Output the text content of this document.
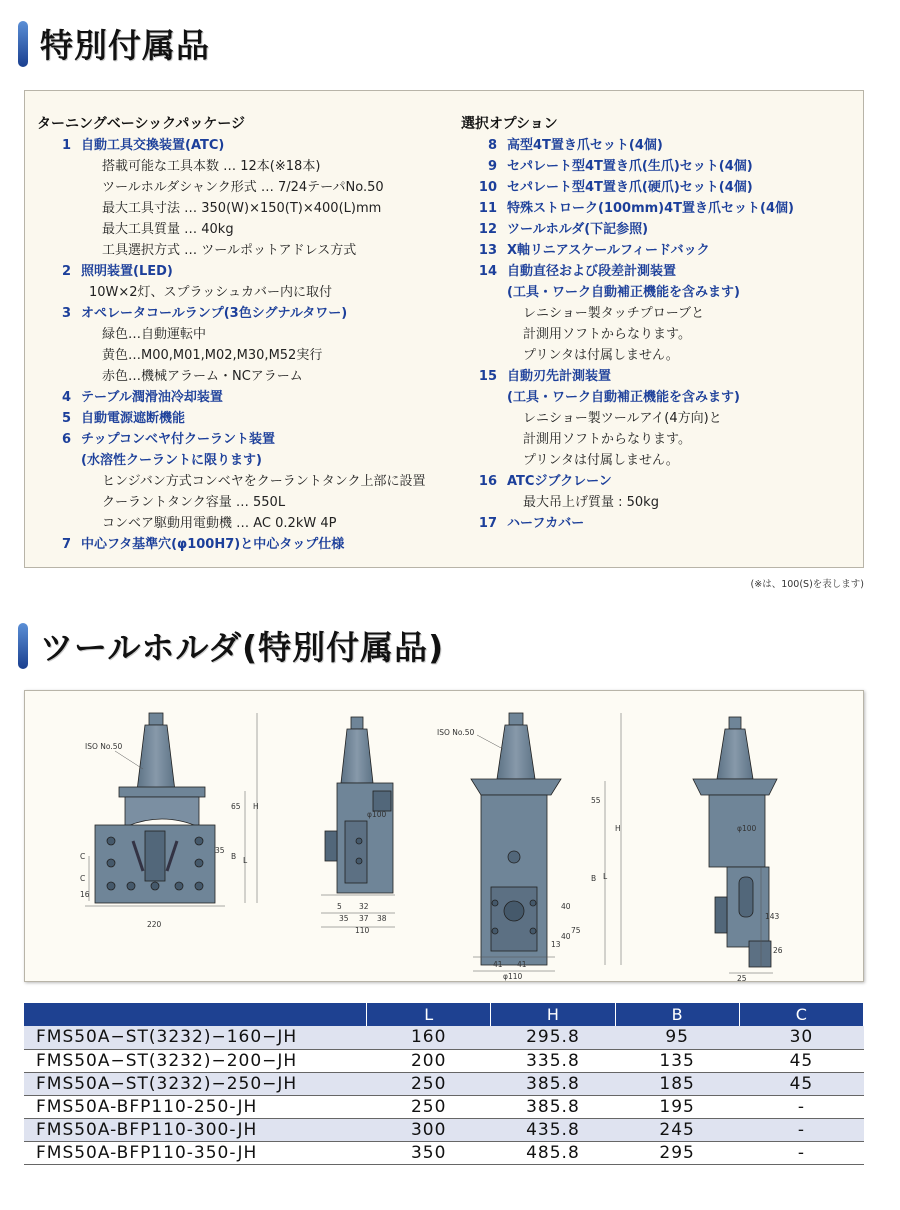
特別付属品
ターニングベーシックパッケージ
1 自動工具交換装置(ATC)
搭載可能な工具本数 … 12本(※18本)
ツールホルダシャンク形式 … 7/24テーパNo.50
最大工具寸法 … 350(W)×150(T)×400(L)mm
最大工具質量 … 40kg
工具選択方式 … ツールポットアドレス方式
2 照明装置(LED)
10W×2灯、スプラッシュカバー内に取付
3 オペレータコールランプ(3色シグナルタワー)
緑色…自動運転中
黄色…M00,M01,M02,M30,M52実行
赤色…機械アラーム・NCアラーム
4 テーブル潤滑油冷却装置
5 自動電源遮断機能
6 チップコンベヤ付クーラント装置
(水溶性クーラントに限ります)
ヒンジバン方式コンベヤをクーラントタンク上部に設置
クーラントタンク容量 … 550L
コンベア駆動用電動機 … AC 0.2kW 4P
7 中心フタ基準穴(φ100H7)と中心タップ仕様
選択オプション
8 高型4T置き爪セット(4個)
9 セパレート型4T置き爪(生爪)セット(4個)
10 セパレート型4T置き爪(硬爪)セット(4個)
11 特殊ストローク(100mm)4T置き爪セット(4個)
12 ツールホルダ(下記参照)
13 X軸リニアスケールフィードバック
14 自動直径および段差計測装置
(工具・ワーク自動補正機能を含みます)
レニショー製タッチプローブと
計測用ソフトからなります。
プリンタは付属しません。
15 自動刃先計測装置
(工具・ワーク自動補正機能を含みます)
レニショー製ツールアイ(4方向)と
計測用ソフトからなります。
プリンタは付属しません。
16 ATCジブクレーン
最大吊上げ質量 : 50kg
17 ハーフカバー
(※は、100(S)を表します)
ツールホルダ(特別付属品)
ISO No.50
65 H
B L
C
35
C
16
220
φ100
5 32
35 37 38
110
ISO No.50
55
H
B L
40
75
13
40
41 41
φ110
φ100
143
26
25
	L	H	B	C
FMS50A−ST(3232)−160−JH	160	295.8	95	30
FMS50A−ST(3232)−200−JH	200	335.8	135	45
FMS50A−ST(3232)−250−JH	250	385.8	185	45
FMS50A-BFP110-250-JH	250	385.8	195	-
FMS50A-BFP110-300-JH	300	435.8	245	-
FMS50A-BFP110-350-JH	350	485.8	295	-
